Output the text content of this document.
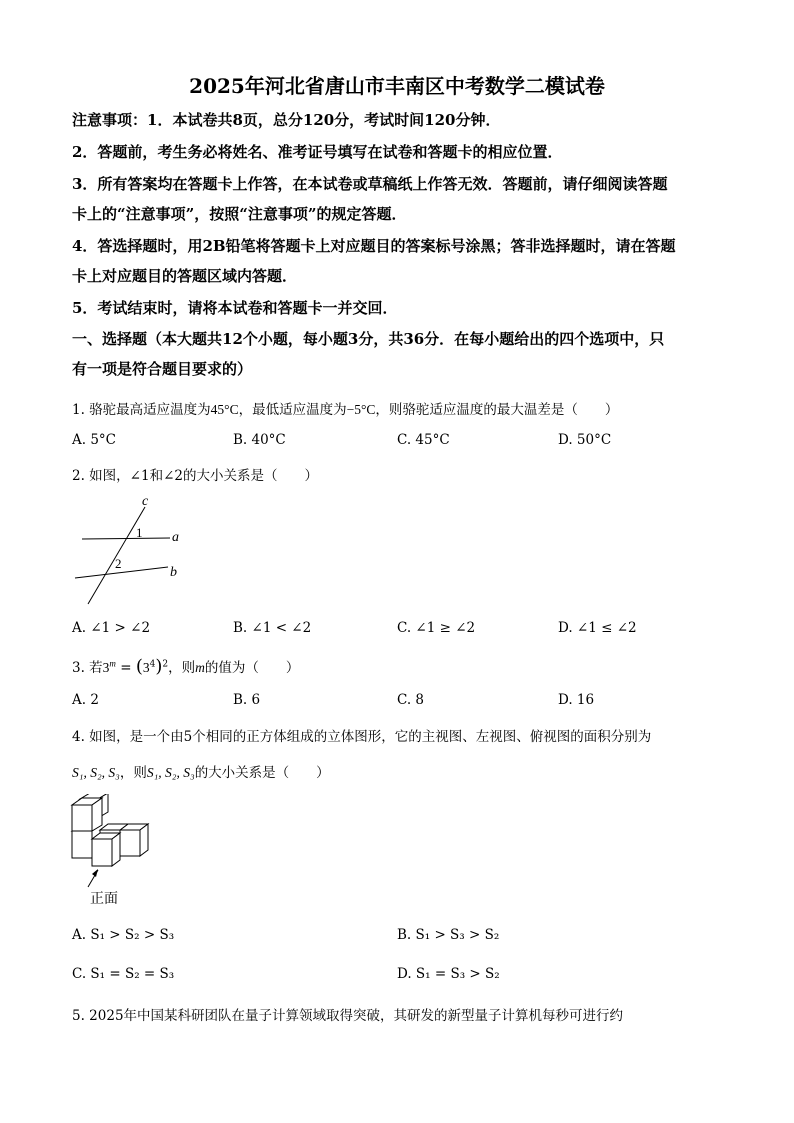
2025年河北省唐山市丰南区中考数学二模试卷
注意事项：1．本试卷共8页，总分120分，考试时间120分钟．
2．答题前，考生务必将姓名、准考证号填写在试卷和答题卡的相应位置．
3．所有答案均在答题卡上作答，在本试卷或草稿纸上作答无效．答题前，请仔细阅读答题
卡上的“注意事项”，按照“注意事项”的规定答题．
4．答选择题时，用2B铅笔将答题卡上对应题目的答案标号涂黑；答非选择题时，请在答题
卡上对应题目的答题区域内答题．
5．考试结束时，请将本试卷和答题卡一并交回．
一、选择题（本大题共12个小题，每小题3分，共36分．在每小题给出的四个选项中，只
有一项是符合题目要求的）
1. 骆驼最高适应温度为45°C，最低适应温度为−5°C，则骆驼适应温度的最大温差是（　　）
A. 5°C	B. 40°C	C. 45°C	D. 50°C
2. 如图，∠1和∠2的大小关系是（　　）
c
a
b
1
2
A. ∠1 > ∠2	B. ∠1 < ∠2	C. ∠1 ≥ ∠2	D. ∠1 ≤ ∠2
3. 若$3^m = (3^4)^2$，则m的值为（　　）
A. 2	B. 6	C. 8	D. 16
4. 如图，是一个由5个相同的正方体组成的立体图形，它的主视图、左视图、俯视图的面积分别为
S₁, S₂, S₃，则S₁, S₂, S₃的大小关系是（　　）
正面
A. S₁ > S₂ > S₃	B. S₁ > S₃ > S₂
C. S₁ = S₂ = S₃	D. S₁ = S₃ > S₂
5. 2025年中国某科研团队在量子计算领域取得突破，其研发的新型量子计算机每秒可进行约
